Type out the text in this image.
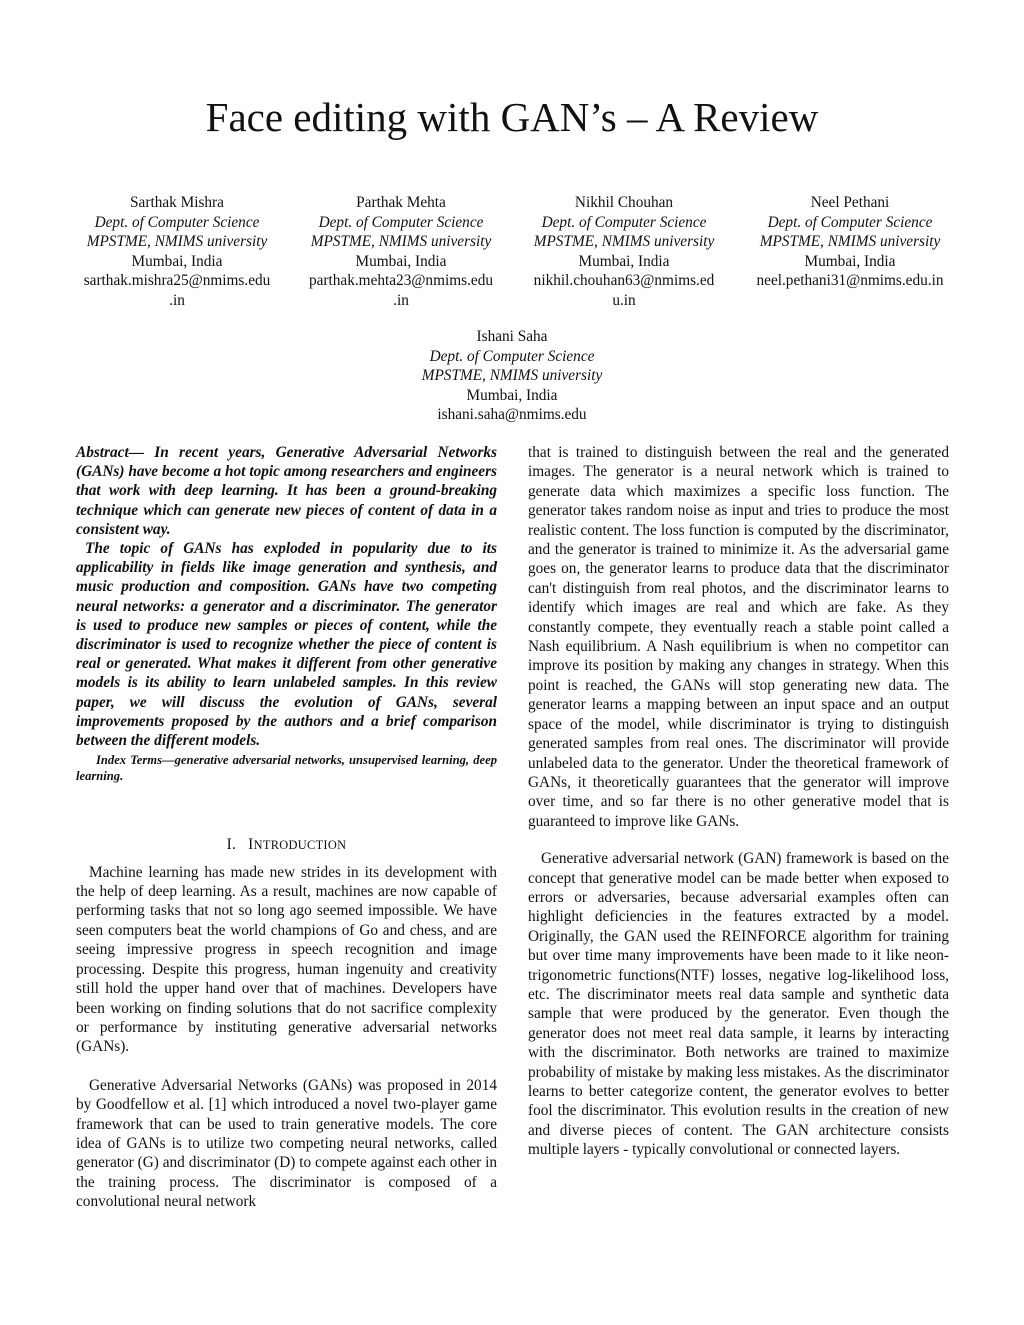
Face editing with GAN’s – A Review
Sarthak Mishra
Dept. of Computer Science
MPSTME, NMIMS university
Mumbai, India
sarthak.mishra25@nmims.edu
.in
Parthak Mehta
Dept. of Computer Science
MPSTME, NMIMS university
Mumbai, India
parthak.mehta23@nmims.edu
.in
Nikhil Chouhan
Dept. of Computer Science
MPSTME, NMIMS university
Mumbai, India
nikhil.chouhan63@nmims.ed
u.in
Neel Pethani
Dept. of Computer Science
MPSTME, NMIMS university
Mumbai, India
neel.pethani31@nmims.edu.in
Ishani Saha
Dept. of Computer Science
MPSTME, NMIMS university
Mumbai, India
ishani.saha@nmims.edu

Abstract— In recent years, Generative Adversarial Networks (GANs) have become a hot topic among researchers and engineers that work with deep learning. It has been a ground-breaking technique which can generate new pieces of content of data in a consistent way.

The topic of GANs has exploded in popularity due to its applicability in fields like image generation and synthesis, and music production and composition. GANs have two competing neural networks: a generator and a discriminator. The generator is used to produce new samples or pieces of content, while the discriminator is used to recognize whether the piece of content is real or generated. What makes it different from other generative models is its ability to learn unlabeled samples. In this review paper, we will discuss the evolution of GANs, several improvements proposed by the authors and a brief comparison between the different models.

Index Terms—generative adversarial networks, unsupervised learning, deep learning.

I. INTRODUCTION

Machine learning has made new strides in its development with the help of deep learning. As a result, machines are now capable of performing tasks that not so long ago seemed impossible. We have seen computers beat the world champions of Go and chess, and are seeing impressive progress in speech recognition and image processing. Despite this progress, human ingenuity and creativity still hold the upper hand over that of machines. Developers have been working on finding solutions that do not sacrifice complexity or performance by instituting generative adversarial networks (GANs).

Generative Adversarial Networks (GANs) was proposed in 2014 by Goodfellow et al. [1] which introduced a novel two-player game framework that can be used to train generative models. The core idea of GANs is to utilize two competing neural networks, called generator (G) and discriminator (D) to compete against each other in the training process. The discriminator is composed of a convolutional neural network

that is trained to distinguish between the real and the generated images. The generator is a neural network which is trained to generate data which maximizes a specific loss function. The generator takes random noise as input and tries to produce the most realistic content. The loss function is computed by the discriminator, and the generator is trained to minimize it. As the adversarial game goes on, the generator learns to produce data that the discriminator can't distinguish from real photos, and the discriminator learns to identify which images are real and which are fake. As they constantly compete, they eventually reach a stable point called a Nash equilibrium. A Nash equilibrium is when no competitor can improve its position by making any changes in strategy. When this point is reached, the GANs will stop generating new data. The generator learns a mapping between an input space and an output space of the model, while discriminator is trying to distinguish generated samples from real ones. The discriminator will provide unlabeled data to the generator. Under the theoretical framework of GANs, it theoretically guarantees that the generator will improve over time, and so far there is no other generative model that is guaranteed to improve like GANs.

Generative adversarial network (GAN) framework is based on the concept that generative model can be made better when exposed to errors or adversaries, because adversarial examples often can highlight deficiencies in the features extracted by a model. Originally, the GAN used the REINFORCE algorithm for training but over time many improvements have been made to it like neon-trigonometric functions(NTF) losses, negative log-likelihood loss, etc. The discriminator meets real data sample and synthetic data sample that were produced by the generator. Even though the generator does not meet real data sample, it learns by interacting with the discriminator. Both networks are trained to maximize probability of mistake by making less mistakes. As the discriminator learns to better categorize content, the generator evolves to better fool the discriminator. This evolution results in the creation of new and diverse pieces of content. The GAN architecture consists multiple layers - typically convolutional or connected layers.
